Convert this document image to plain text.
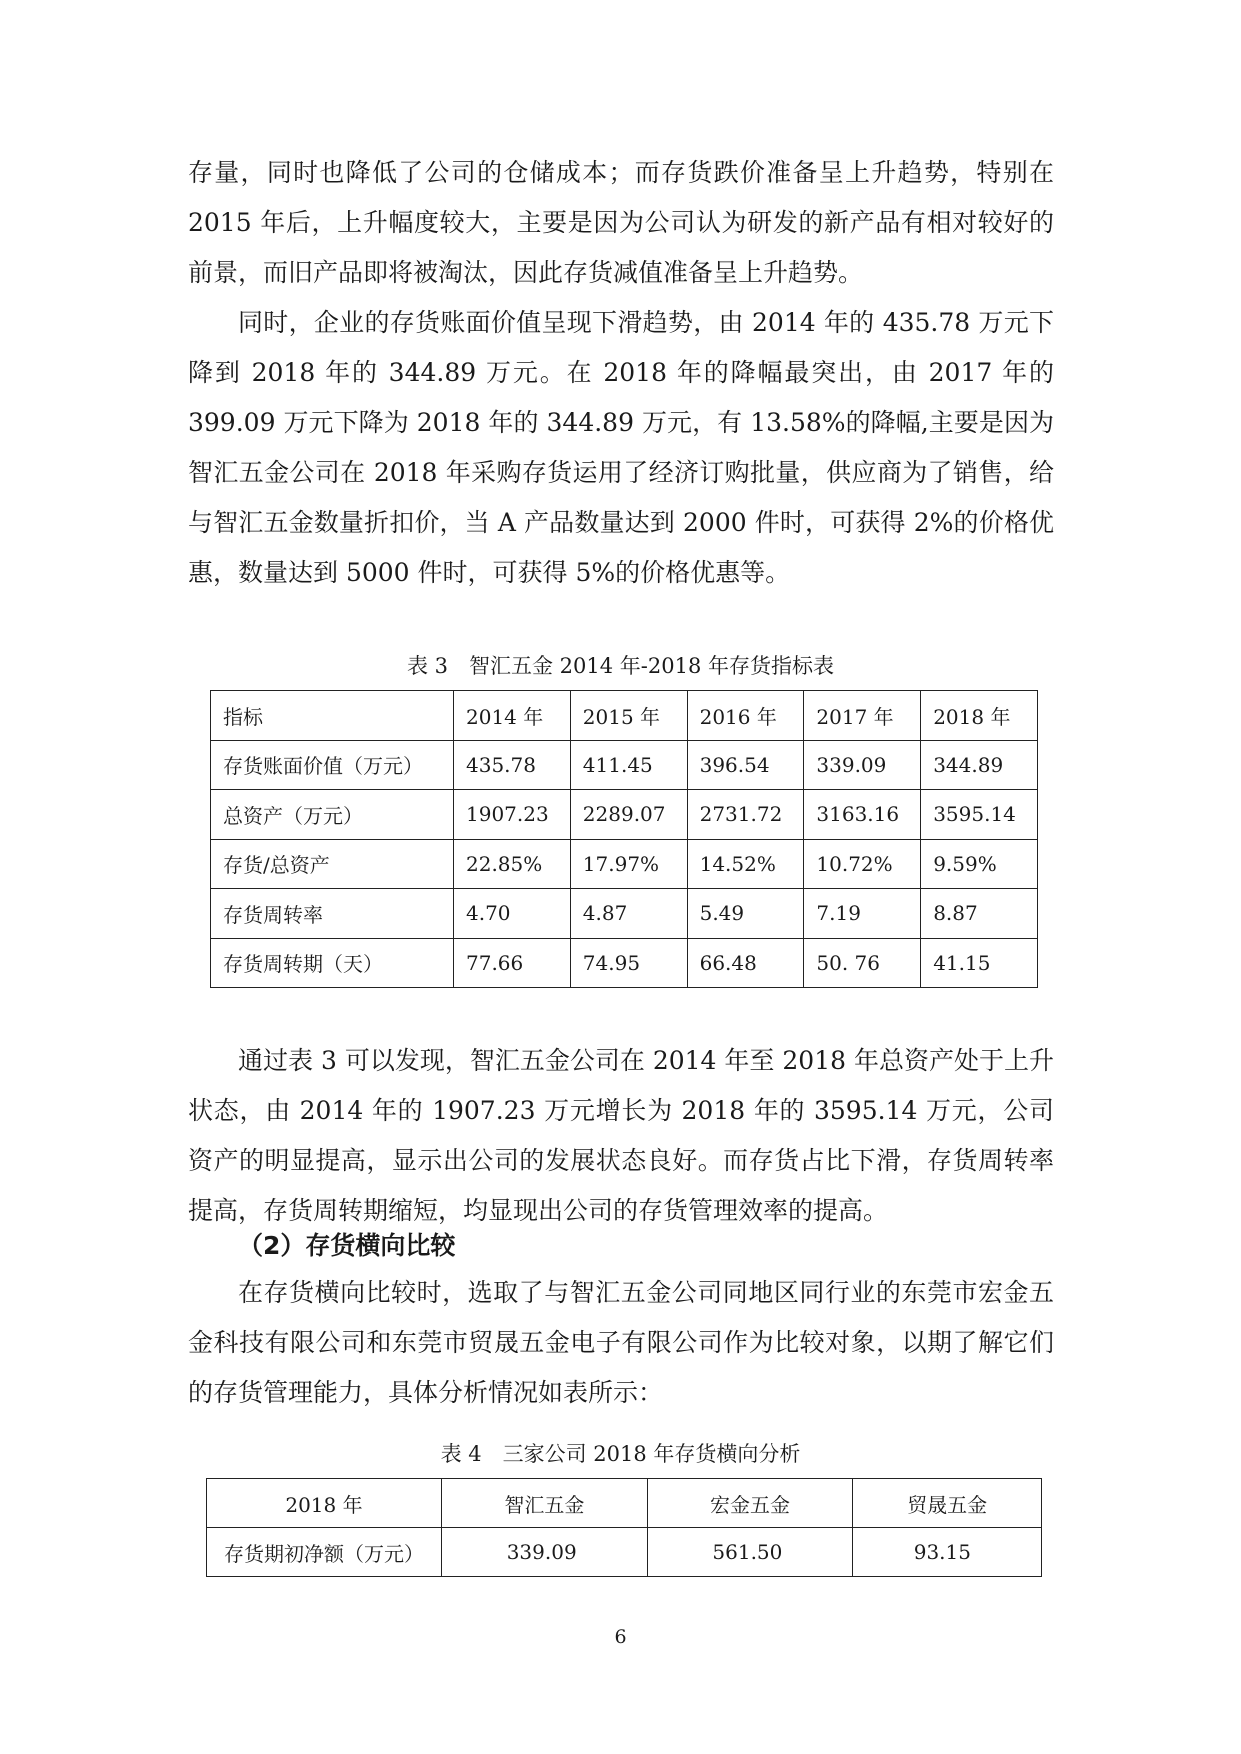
存量，同时也降低了公司的仓储成本；而存货跌价准备呈上升趋势，特别在 2015 年后，上升幅度较大，主要是因为公司认为研发的新产品有相对较好的前景，而旧产品即将被淘汰，因此存货减值准备呈上升趋势。

同时，企业的存货账面价值呈现下滑趋势，由 2014 年的 435.78 万元下降到 2018 年的 344.89 万元。在 2018 年的降幅最突出，由 2017 年的 399.09 万元下降为 2018 年的 344.89 万元，有 13.58%的降幅,主要是因为智汇五金公司在 2018 年采购存货运用了经济订购批量，供应商为了销售，给与智汇五金数量折扣价，当 A 产品数量达到 2000 件时，可获得 2%的价格优惠，数量达到 5000 件时，可获得 5%的价格优惠等。

表 3　智汇五金 2014 年-2018 年存货指标表

指标	2014 年	2015 年	2016 年	2017 年	2018 年
存货账面价值（万元）	435.78	411.45	396.54	339.09	344.89
总资产（万元）	1907.23	2289.07	2731.72	3163.16	3595.14
存货/总资产	22.85%	17.97%	14.52%	10.72%	9.59%
存货周转率	4.70	4.87	5.49	7.19	8.87
存货周转期（天）	77.66	74.95	66.48	50. 76	41.15

通过表 3 可以发现，智汇五金公司在 2014 年至 2018 年总资产处于上升状态，由 2014 年的 1907.23 万元增长为 2018 年的 3595.14 万元，公司资产的明显提高，显示出公司的发展状态良好。而存货占比下滑，存货周转率提高，存货周转期缩短，均显现出公司的存货管理效率的提高。

（2）存货横向比较

在存货横向比较时，选取了与智汇五金公司同地区同行业的东莞市宏金五金科技有限公司和东莞市贸晟五金电子有限公司作为比较对象，以期了解它们的存货管理能力，具体分析情况如表所示：

表 4　三家公司 2018 年存货横向分析

2018 年	智汇五金	宏金五金	贸晟五金
存货期初净额（万元）	339.09	561.50	93.15
6
